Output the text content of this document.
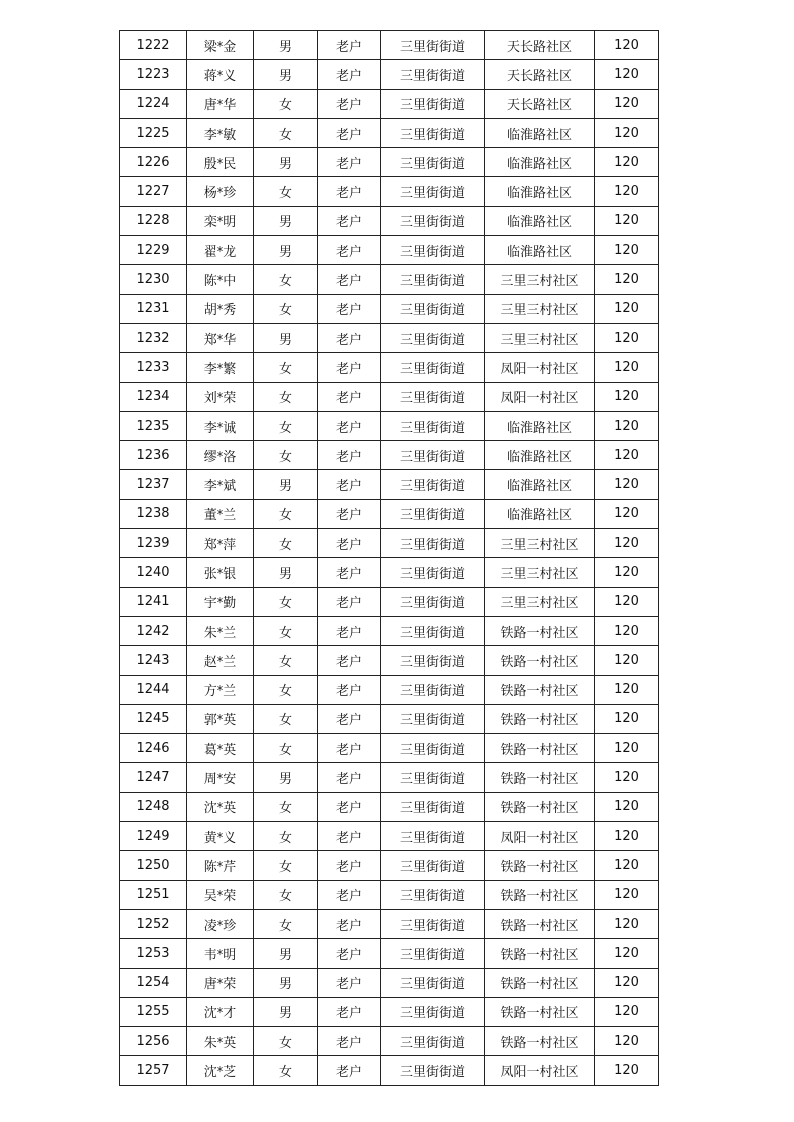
1222	梁*金	男	老户	三里街街道	天长路社区	120
1223	蒋*义	男	老户	三里街街道	天长路社区	120
1224	唐*华	女	老户	三里街街道	天长路社区	120
1225	李*敏	女	老户	三里街街道	临淮路社区	120
1226	殷*民	男	老户	三里街街道	临淮路社区	120
1227	杨*珍	女	老户	三里街街道	临淮路社区	120
1228	栾*明	男	老户	三里街街道	临淮路社区	120
1229	翟*龙	男	老户	三里街街道	临淮路社区	120
1230	陈*中	女	老户	三里街街道	三里三村社区	120
1231	胡*秀	女	老户	三里街街道	三里三村社区	120
1232	郑*华	男	老户	三里街街道	三里三村社区	120
1233	李*繁	女	老户	三里街街道	凤阳一村社区	120
1234	刘*荣	女	老户	三里街街道	凤阳一村社区	120
1235	李*诚	女	老户	三里街街道	临淮路社区	120
1236	缪*洛	女	老户	三里街街道	临淮路社区	120
1237	李*斌	男	老户	三里街街道	临淮路社区	120
1238	董*兰	女	老户	三里街街道	临淮路社区	120
1239	郑*萍	女	老户	三里街街道	三里三村社区	120
1240	张*银	男	老户	三里街街道	三里三村社区	120
1241	宇*勤	女	老户	三里街街道	三里三村社区	120
1242	朱*兰	女	老户	三里街街道	铁路一村社区	120
1243	赵*兰	女	老户	三里街街道	铁路一村社区	120
1244	方*兰	女	老户	三里街街道	铁路一村社区	120
1245	郭*英	女	老户	三里街街道	铁路一村社区	120
1246	葛*英	女	老户	三里街街道	铁路一村社区	120
1247	周*安	男	老户	三里街街道	铁路一村社区	120
1248	沈*英	女	老户	三里街街道	铁路一村社区	120
1249	黄*义	女	老户	三里街街道	凤阳一村社区	120
1250	陈*芹	女	老户	三里街街道	铁路一村社区	120
1251	吴*荣	女	老户	三里街街道	铁路一村社区	120
1252	凌*珍	女	老户	三里街街道	铁路一村社区	120
1253	韦*明	男	老户	三里街街道	铁路一村社区	120
1254	唐*荣	男	老户	三里街街道	铁路一村社区	120
1255	沈*才	男	老户	三里街街道	铁路一村社区	120
1256	朱*英	女	老户	三里街街道	铁路一村社区	120
1257	沈*芝	女	老户	三里街街道	凤阳一村社区	120
